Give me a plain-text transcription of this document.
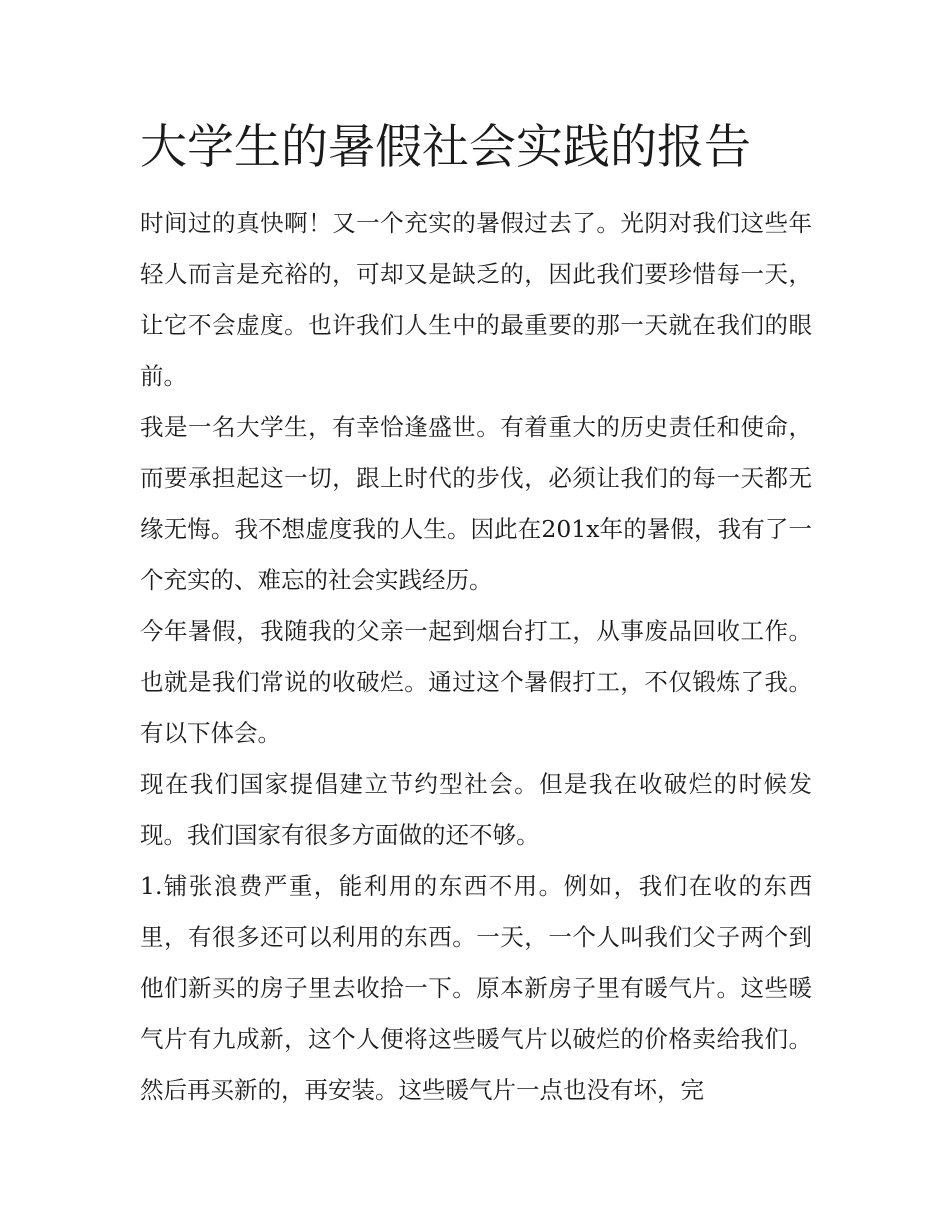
大学生的暑假社会实践的报告

时间过的真快啊！又一个充实的暑假过去了。光阴对我们这些年轻人而言是充裕的，可却又是缺乏的，因此我们要珍惜每一天，让它不会虚度。也许我们人生中的最重要的那一天就在我们的眼前。

我是一名大学生，有幸恰逢盛世。有着重大的历史责任和使命，而要承担起这一切，跟上时代的步伐，必须让我们的每一天都无缘无悔。我不想虚度我的人生。因此在201x年的暑假，我有了一个充实的、难忘的社会实践经历。

今年暑假，我随我的父亲一起到烟台打工，从事废品回收工作。也就是我们常说的收破烂。通过这个暑假打工，不仅锻炼了我。有以下体会。

现在我们国家提倡建立节约型社会。但是我在收破烂的时候发现。我们国家有很多方面做的还不够。

1.铺张浪费严重，能利用的东西不用。例如，我们在收的东西里，有很多还可以利用的东西。一天，一个人叫我们父子两个到他们新买的房子里去收拾一下。原本新房子里有暖气片。这些暖气片有九成新，这个人便将这些暖气片以破烂的价格卖给我们。然后再买新的，再安装。这些暖气片一点也没有坏，完
